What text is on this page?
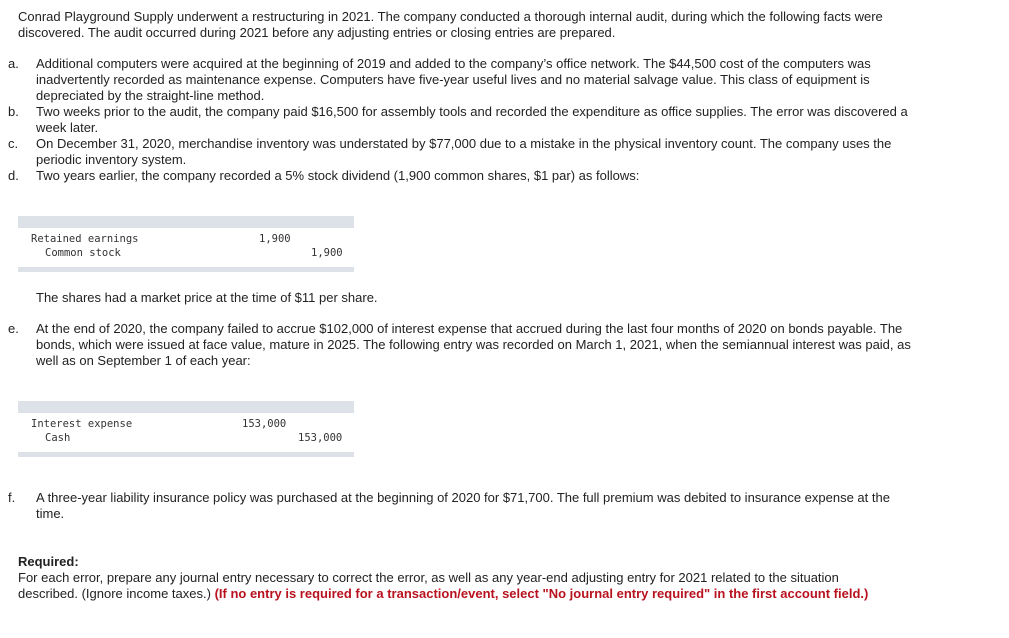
Conrad Playground Supply underwent a restructuring in 2021. The company conducted a thorough internal audit, during which the following facts were discovered. The audit occurred during 2021 before any adjusting entries or closing entries are prepared.
a. Additional computers were acquired at the beginning of 2019 and added to the company’s office network. The $44,500 cost of the computers was inadvertently recorded as maintenance expense. Computers have five-year useful lives and no material salvage value. This class of equipment is depreciated by the straight-line method.
b. Two weeks prior to the audit, the company paid $16,500 for assembly tools and recorded the expenditure as office supplies. The error was discovered a week later.
c. On December 31, 2020, merchandise inventory was understated by $77,000 due to a mistake in the physical inventory count. The company uses the periodic inventory system.
d. Two years earlier, the company recorded a 5% stock dividend (1,900 common shares, $1 par) as follows:
Retained earnings	1,900
Common stock	1,900
The shares had a market price at the time of $11 per share.
e. At the end of 2020, the company failed to accrue $102,000 of interest expense that accrued during the last four months of 2020 on bonds payable. The bonds, which were issued at face value, mature in 2025. The following entry was recorded on March 1, 2021, when the semiannual interest was paid, as well as on September 1 of each year:
Interest expense	153,000
Cash	153,000
f. A three-year liability insurance policy was purchased at the beginning of 2020 for $71,700. The full premium was debited to insurance expense at the time.
Required:
For each error, prepare any journal entry necessary to correct the error, as well as any year-end adjusting entry for 2021 related to the situation described. (Ignore income taxes.) (If no entry is required for a transaction/event, select "No journal entry required" in the first account field.)
